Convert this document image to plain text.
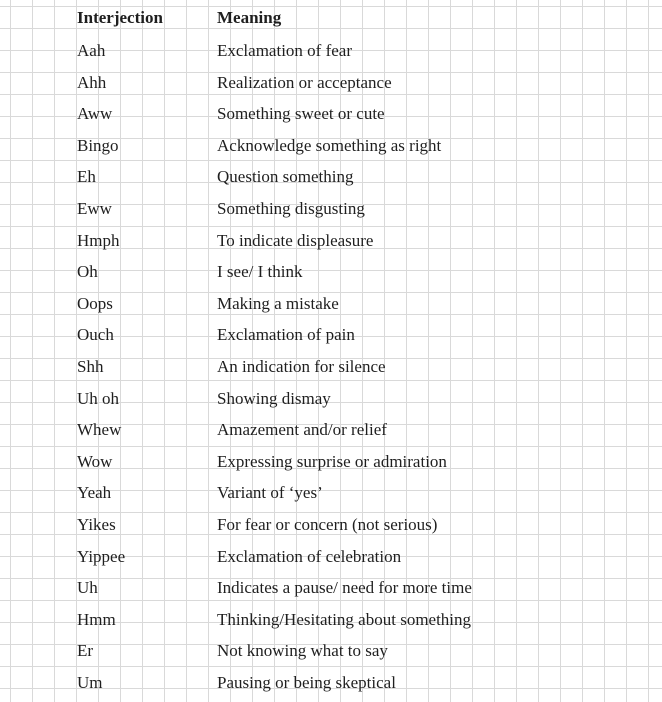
Interjection	Meaning
Aah	Exclamation of fear
Ahh	Realization or acceptance
Aww	Something sweet or cute
Bingo	Acknowledge something as right
Eh	Question something
Eww	Something disgusting
Hmph	To indicate displeasure
Oh	I see/ I think
Oops	Making a mistake
Ouch	Exclamation of pain
Shh	An indication for silence
Uh oh	Showing dismay
Whew	Amazement and/or relief
Wow	Expressing surprise or admiration
Yeah	Variant of ‘yes’
Yikes	For fear or concern (not serious)
Yippee	Exclamation of celebration
Uh	Indicates a pause/ need for more time
Hmm	Thinking/Hesitating about something
Er	Not knowing what to say
Um	Pausing or being skeptical
